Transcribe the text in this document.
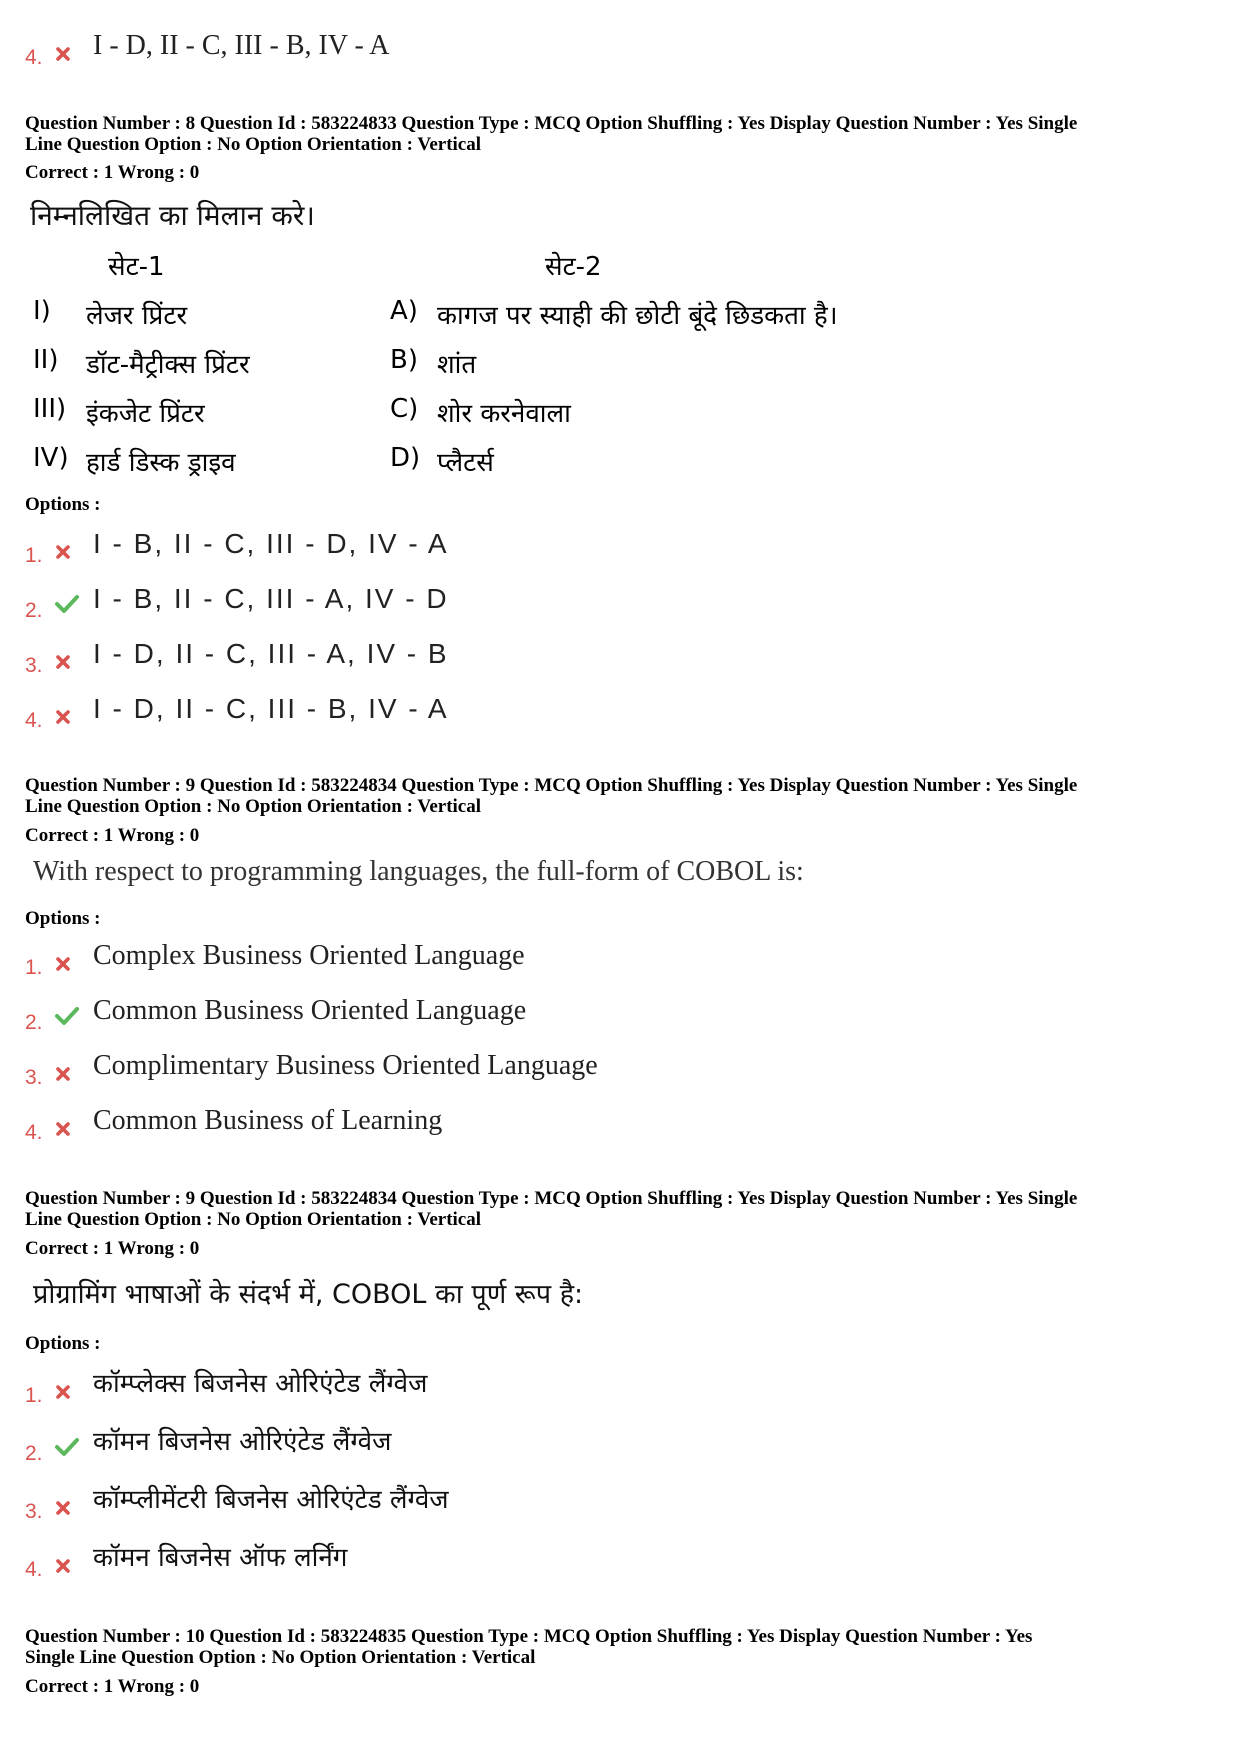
4.	I - D, II - C, III - B, IV - A
Question Number : 8 Question Id : 583224833 Question Type : MCQ Option Shuffling : Yes Display Question Number : Yes Single
Line Question Option : No Option Orientation : Vertical
Correct : 1 Wrong : 0
निम्नलिखित का मिलान करे।
सेट-1	सेट-2
I) लेजर प्रिंटर	A) कागज पर स्याही की छोटी बूंदे छिडकता है।
II) डॉट-मैट्रीक्स प्रिंटर	B) शांत
III) इंकजेट प्रिंटर	C) शोर करनेवाला
IV) हार्ड डिस्क ड्राइव	D) प्लैटर्स
Options :
1.	I - B, II - C, III - D, IV - A
2.	I - B, II - C, III - A, IV - D
3.	I - D, II - C, III - A, IV - B
4.	I - D, II - C, III - B, IV - A
Question Number : 9 Question Id : 583224834 Question Type : MCQ Option Shuffling : Yes Display Question Number : Yes Single
Line Question Option : No Option Orientation : Vertical
Correct : 1 Wrong : 0
With respect to programming languages, the full-form of COBOL is:
Options :
1.	Complex Business Oriented Language
2.	Common Business Oriented Language
3.	Complimentary Business Oriented Language
4.	Common Business of Learning
Question Number : 9 Question Id : 583224834 Question Type : MCQ Option Shuffling : Yes Display Question Number : Yes Single
Line Question Option : No Option Orientation : Vertical
Correct : 1 Wrong : 0
प्रोग्रामिंग भाषाओं के संदर्भ में, COBOL का पूर्ण रूप है:
Options :
1.	कॉम्प्लेक्स बिजनेस ओरिएंटेड लैंग्वेज
2.	कॉमन बिजनेस ओरिएंटेड लैंग्वेज
3.	कॉम्प्लीमेंटरी बिजनेस ओरिएंटेड लैंग्वेज
4.	कॉमन बिजनेस ऑफ लर्निंग
Question Number : 10 Question Id : 583224835 Question Type : MCQ Option Shuffling : Yes Display Question Number : Yes
Single Line Question Option : No Option Orientation : Vertical
Correct : 1 Wrong : 0
